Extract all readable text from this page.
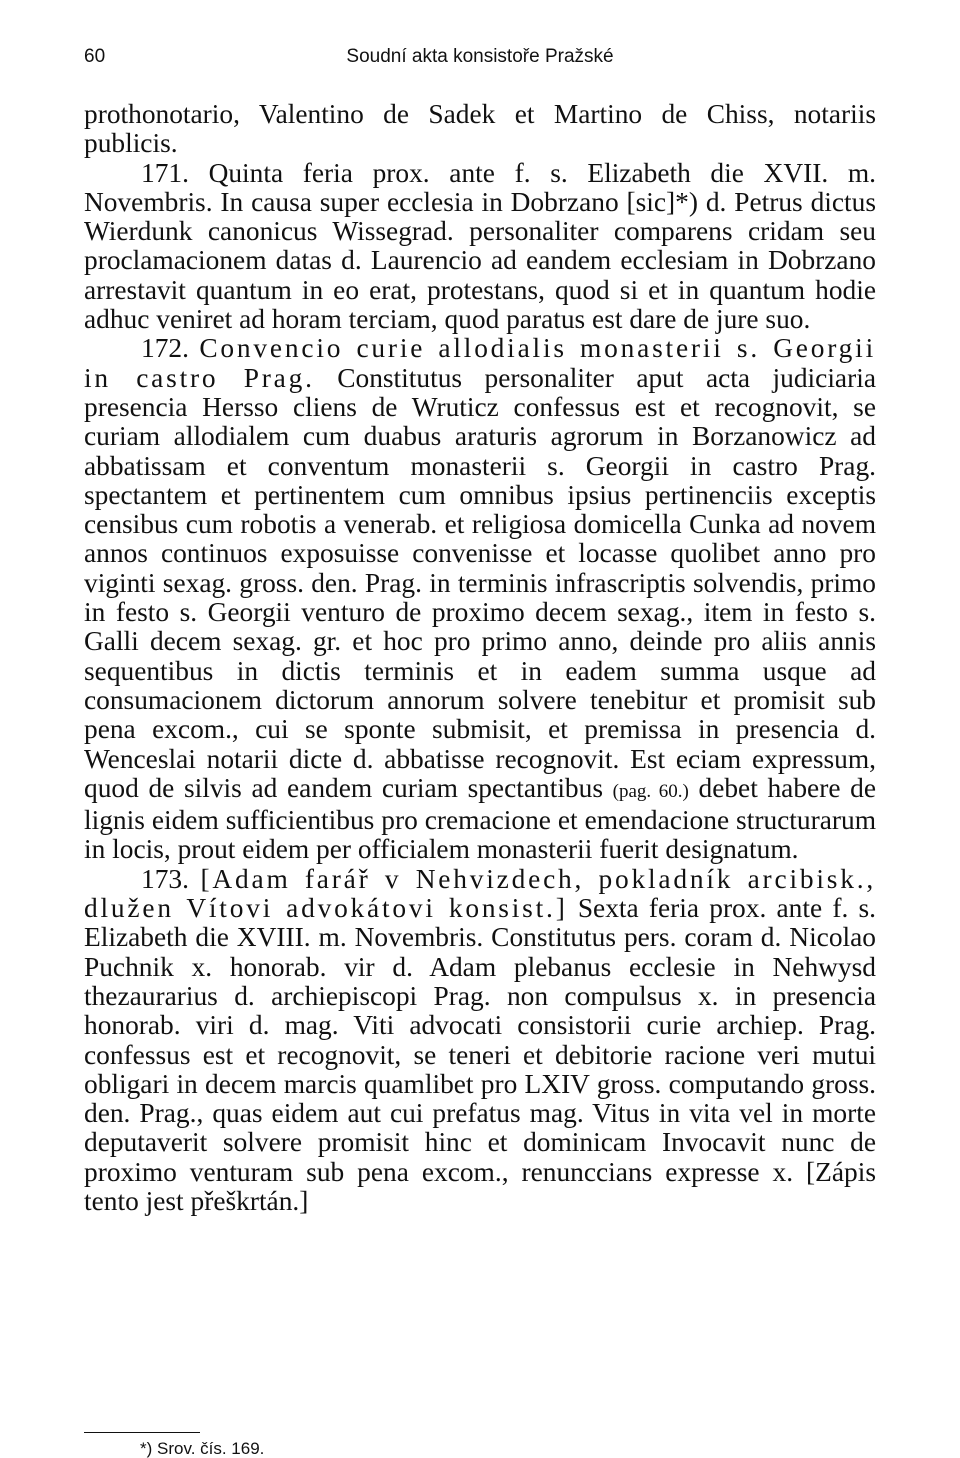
60	Soudní akta konsistoře Pražské

prothonotario, Valentino de Sadek et Martino de Chiss, notariis publicis.

171. Quinta feria prox. ante f. s. Elizabeth die XVII. m. Novembris. In causa super ecclesia in Dobrzano [sic]*) d. Petrus dictus Wierdunk canonicus Wissegrad. personaliter comparens cridam seu proclamacionem datas d. Laurencio ad eandem ecclesiam in Dobrzano arrestavit quantum in eo erat, protestans, quod si et in quantum hodie adhuc veniret ad horam terciam, quod paratus est dare de jure suo.

172. Convencio curie allodialis monasterii s. Georgii in castro Prag. Constitutus personaliter aput acta judiciaria presencia Hersso cliens de Wruticz confessus est et recognovit, se curiam allodialem cum duabus araturis agrorum in Borzanowicz ad abbatissam et conventum monasterii s. Georgii in castro Prag. spectantem et pertinentem cum omnibus ipsius pertinenciis exceptis censibus cum robotis a venerab. et religiosa domicella Cunka ad novem annos continuos exposuisse convenisse et locasse quolibet anno pro viginti sexag. gross. den. Prag. in terminis infrascriptis solvendis, primo in festo s. Georgii venturo de proximo decem sexag., item in festo s. Galli decem sexag. gr. et hoc pro primo anno, deinde pro aliis annis sequentibus in dictis terminis et in eadem summa usque ad consumacionem dictorum annorum solvere tenebitur et promisit sub pena excom., cui se sponte submisit, et premissa in presencia d. Wenceslai notarii dicte d. abbatisse recognovit. Est eciam expressum, quod de silvis ad eandem curiam spectantibus (pag. 60.) debet habere de lignis eidem sufficientibus pro cremacione et emendacione structurarum in locis, prout eidem per officialem monasterii fuerit designatum.

173. [Adam farář v Nehvizdech, pokladník arcibisk., dlužen Vítovi advokátovi konsist.] Sexta feria prox. ante f. s. Elizabeth die XVIII. m. Novembris. Constitutus pers. coram d. Nicolao Puchnik x. honorab. vir d. Adam plebanus ecclesie in Nehwysd thezaurarius d. archiepiscopi Prag. non compulsus x. in presencia honorab. viri d. mag. Viti advocati consistorii curie archiep. Prag. confessus est et recognovit, se teneri et debitorie racione veri mutui obligari in decem marcis quamlibet pro LXIV gross. computando gross. den. Prag., quas eidem aut cui prefatus mag. Vitus in vita vel in morte deputaverit solvere promisit hinc et dominicam Invocavit nunc de proximo venturam sub pena excom., renunccians expresse x. [Zápis tento jest přeškrtán.]

*) Srov. čís. 169.
